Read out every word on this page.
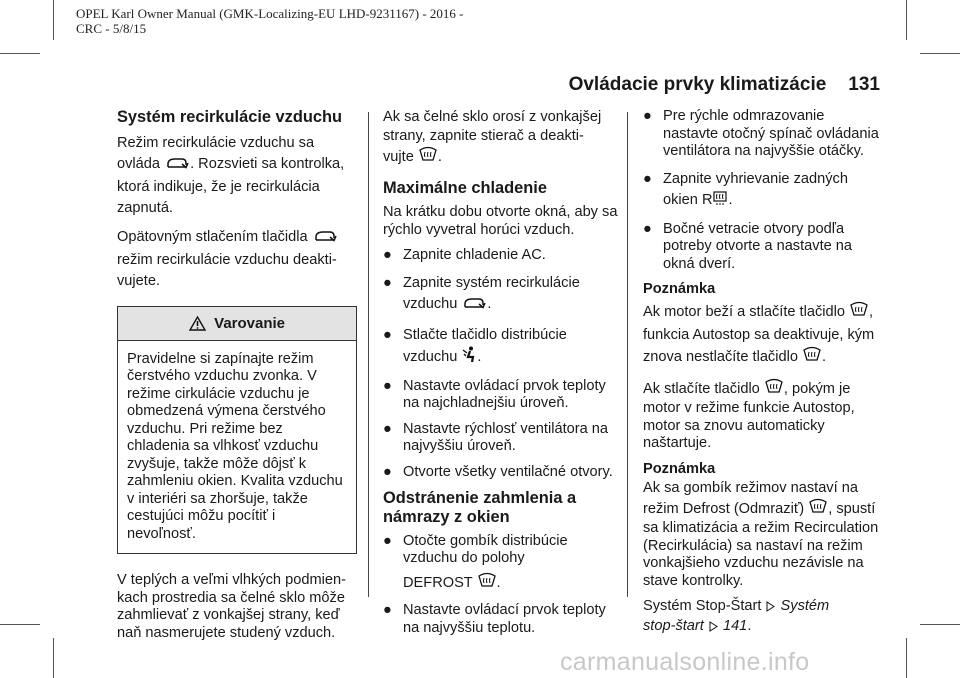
OPEL Karl Owner Manual (GMK-Localizing-EU LHD-9231167) - 2016 -
CRC - 5/8/15
Ovládacie prvky klimatizácie 131
Systém recirkulácie vzduchu

Režim recirkulácie vzduchu sa
ovláda . Rozsvieti sa kontrolka,
ktorá indikuje, že je recirkulácia
zapnutá.

Opätovným stlačením tlačidla
režim recirkulácie vzduchu deakti-
vujete.

Varovanie
Pravidelne si zapínajte režim čerstvého vzduchu zvonka. V režime cirkulácie vzduchu je obmedzená výmena čerstvého vzduchu. Pri režime bez chladenia sa vlhkosť vzduchu zvyšuje, takže môže dôjsť k zahmleniu okien. Kvalita vzduchu v interiéri sa zhoršuje, takže cestujúci môžu pocítiť i nevoľnosť.

V teplých a veľmi vlhkých podmien-kach prostredia sa čelné sklo môže zahmlievať z vonkajšej strany, keď naň nasmerujete studený vzduch.

Ak sa čelné sklo orosí z vonkajšej
strany, zapnite stierač a deakti-
vujte .

Maximálne chladenie

Na krátku dobu otvorte okná, aby sa rýchlo vyvetral horúci vzduch.

● Zapnite chladenie AC.
● Zapnite systém recirkulácie
vzduchu .
● Stlačte tlačidlo distribúcie
vzduchu .
● Nastavte ovládací prvok teploty na najchladnejšiu úroveň.
● Nastavte rýchlosť ventilátora na najvyššiu úroveň.
● Otvorte všetky ventilačné otvory.
Odstránenie zahmlenia a
námrazy z okien
● Otočte gombík distribúcie
vzduchu do polohy
DEFROST .
● Nastavte ovládací prvok teploty na najvyššiu teplotu.
● Pre rýchle odmrazovanie nastavte otočný spínač ovládania ventilátora na najvyššie otáčky.
● Zapnite vyhrievanie zadných
okien R .
● Bočné vetracie otvory podľa potreby otvorte a nastavte na okná dverí.
Poznámka

Ak motor beží a stlačíte tlačidlo ,
funkcia Autostop sa deaktivuje, kým
znova nestlačíte tlačidlo .

Ak stlačíte tlačidlo , pokým je motor v režime funkcie Autostop, motor sa znovu automaticky naštartuje.

Poznámka

Ak sa gombík režimov nastaví na
režim Defrost (Odmraziť) , spustí sa klimatizácia a režim Recirculation (Recirkulácia) sa nastaví na režim vonkajšieho vzduchu nezávisle na stave kontrolky.

Systém Stop-Štart Systém
stop-štart 141.

carmanualsonline.info
